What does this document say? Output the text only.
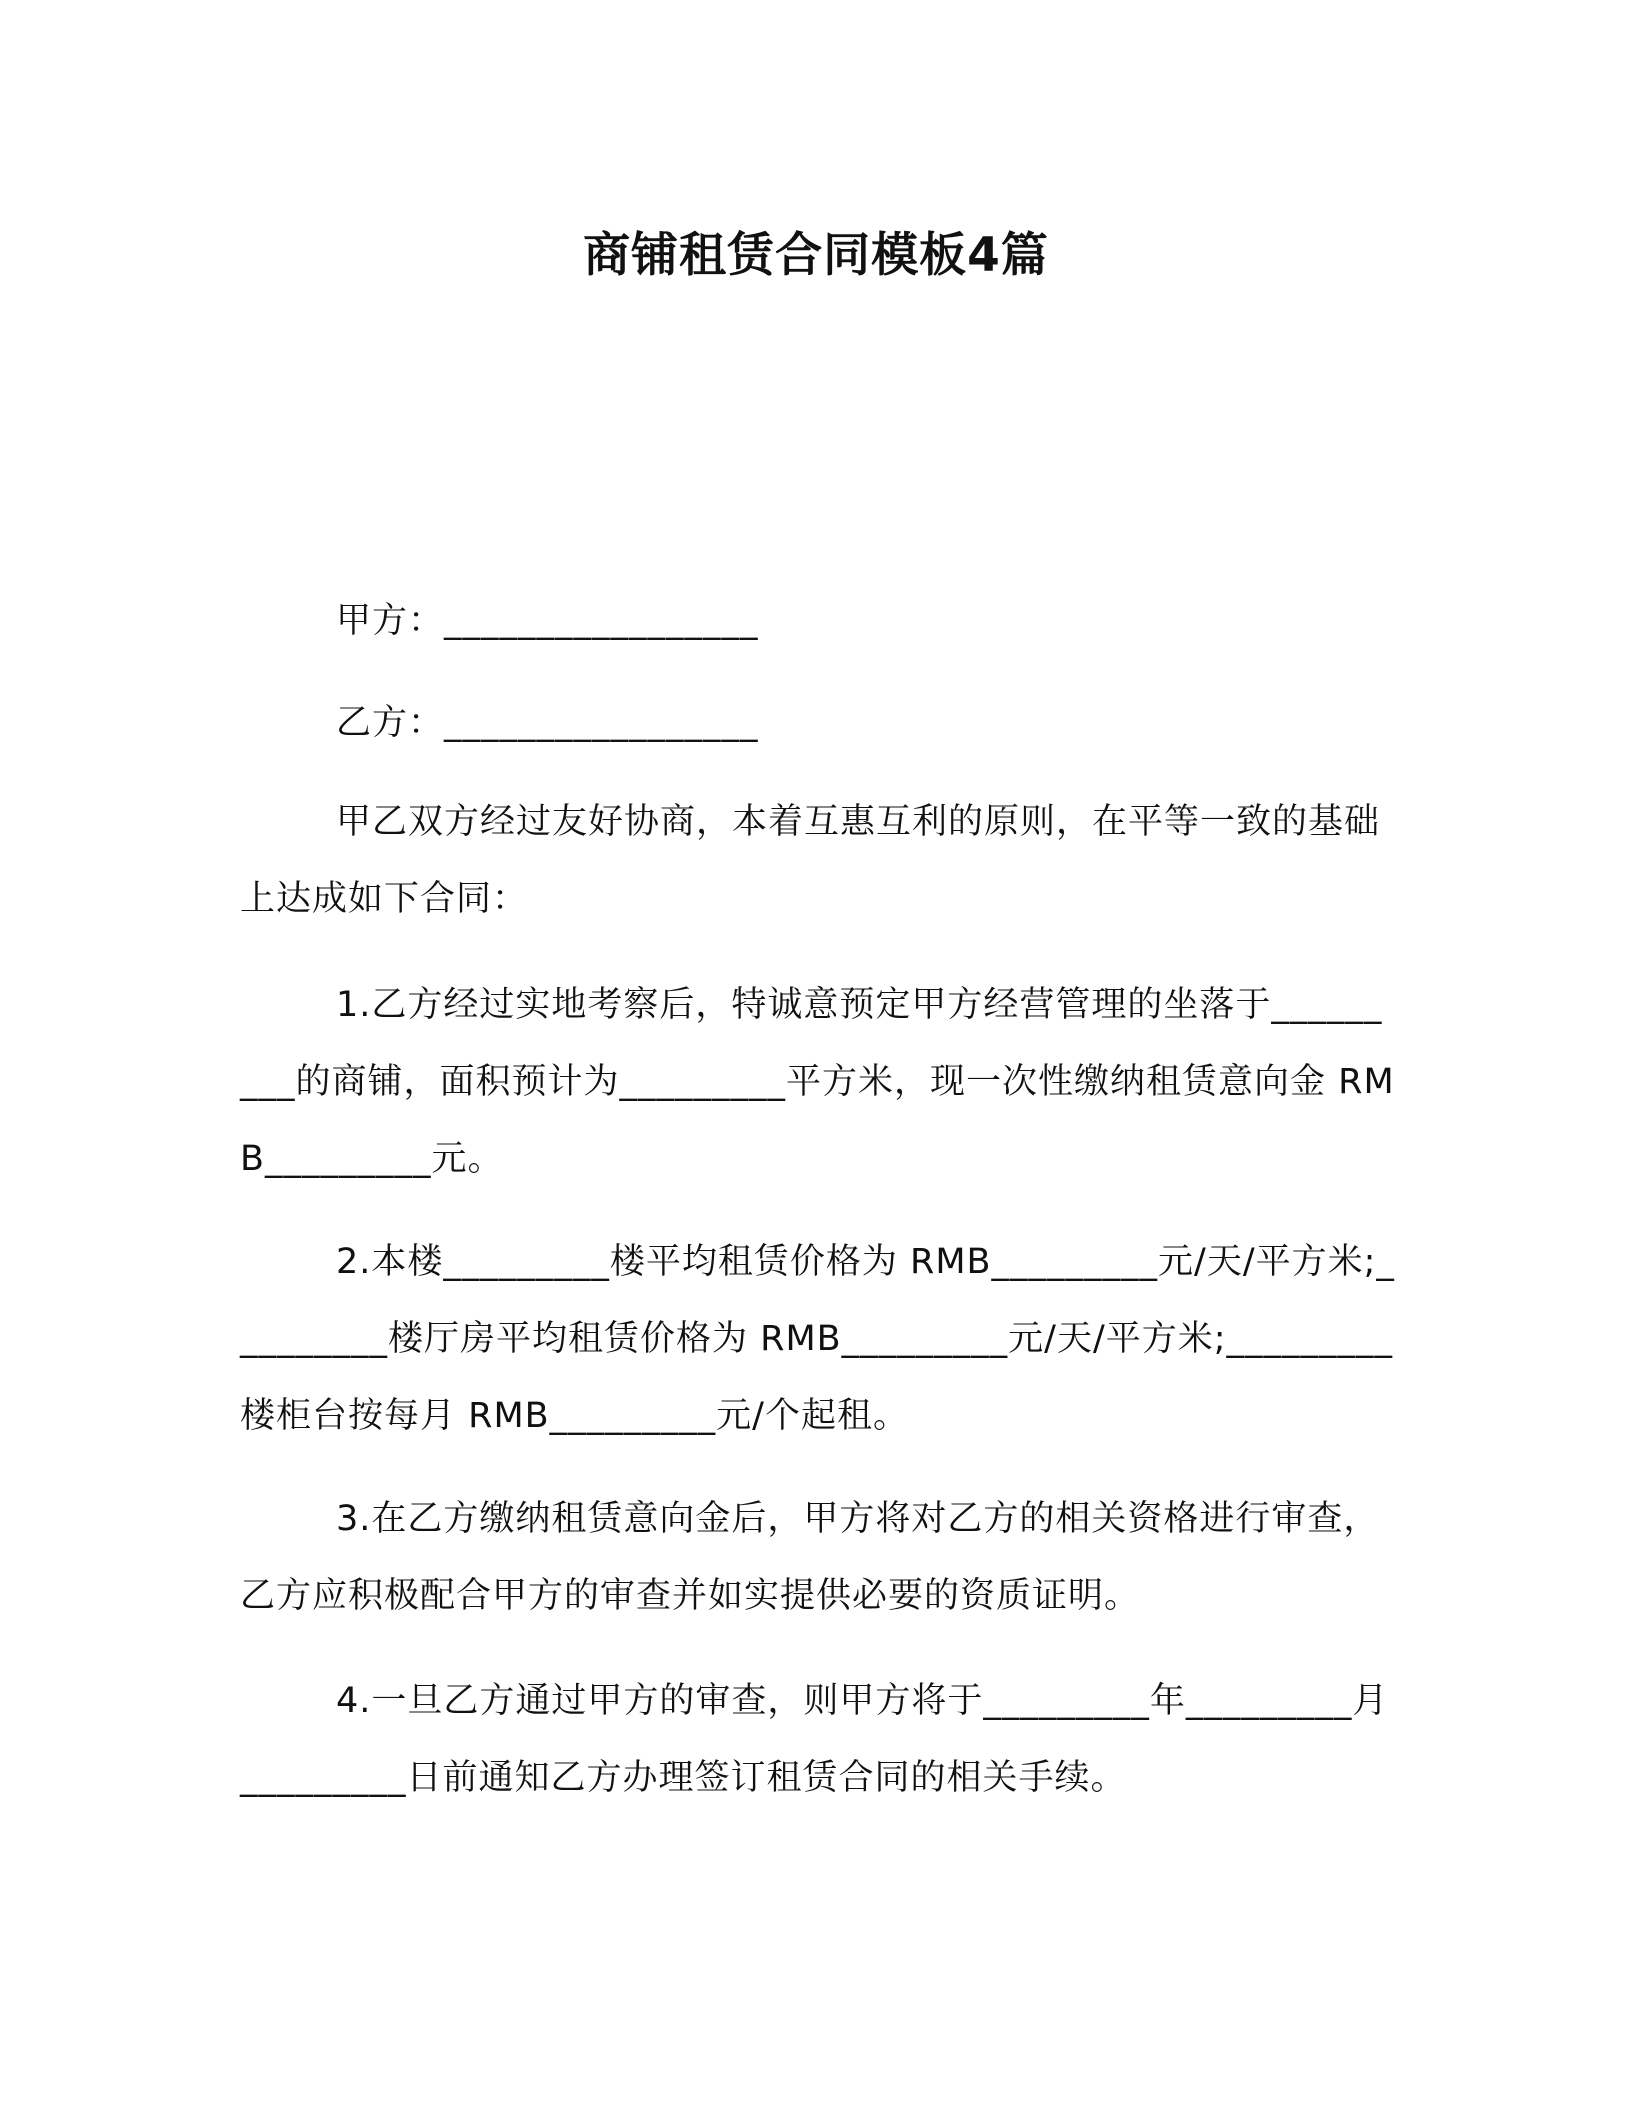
商铺租赁合同模板4篇
甲方：_________________
乙方：_________________

甲乙双方经过友好协商，本着互惠互利的原则，在平等一致的基础上达成如下合同：

1.乙方经过实地考察后，特诚意预定甲方经营管理的坐落于_________的商铺，面积预计为_________平方米，现一次性缴纳租赁意向金 RMB_________元。

2.本楼_________楼平均租赁价格为 RMB_________元/天/平方米;_________楼厅房平均租赁价格为 RMB_________元/天/平方米;_________楼柜台按每月 RMB_________元/个起租。

3.在乙方缴纳租赁意向金后，甲方将对乙方的相关资格进行审查，乙方应积极配合甲方的审查并如实提供必要的资质证明。

4.一旦乙方通过甲方的审查，则甲方将于_________年_________月_________日前通知乙方办理签订租赁合同的相关手续。
